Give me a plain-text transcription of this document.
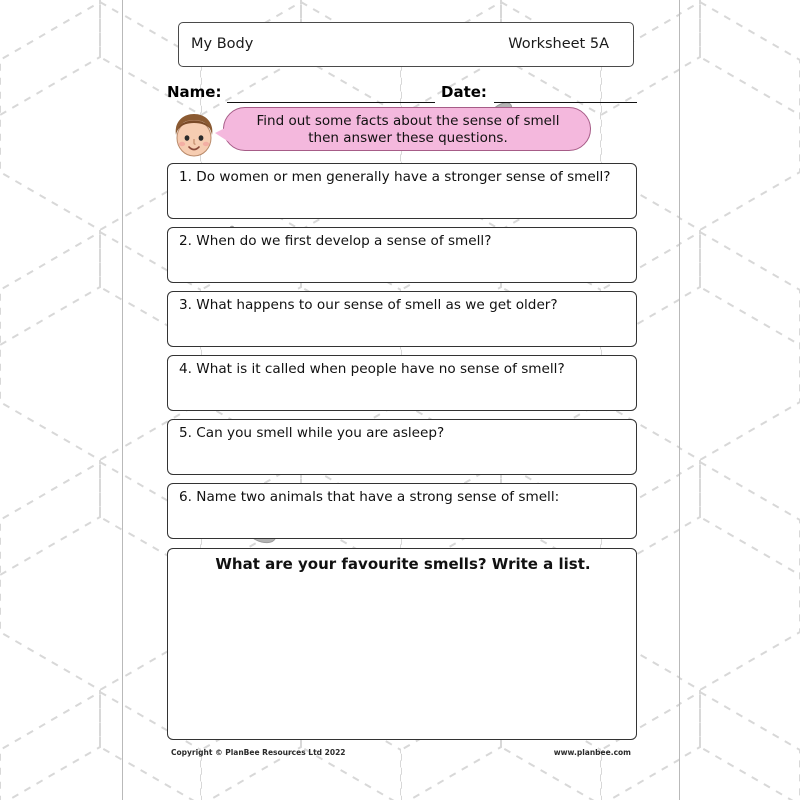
My Body	Worksheet 5A
Name:	Date:
Find out some facts about the sense of smell
then answer these questions.
1. Do women or men generally have a stronger sense of smell?
2. When do we first develop a sense of smell?
3. What happens to our sense of smell as we get older?
4. What is it called when people have no sense of smell?
5. Can you smell while you are asleep?
6. Name two animals that have a strong sense of smell:
What are your favourite smells? Write a list.
Copyright © PlanBee Resources Ltd 2022	www.planbee.com
